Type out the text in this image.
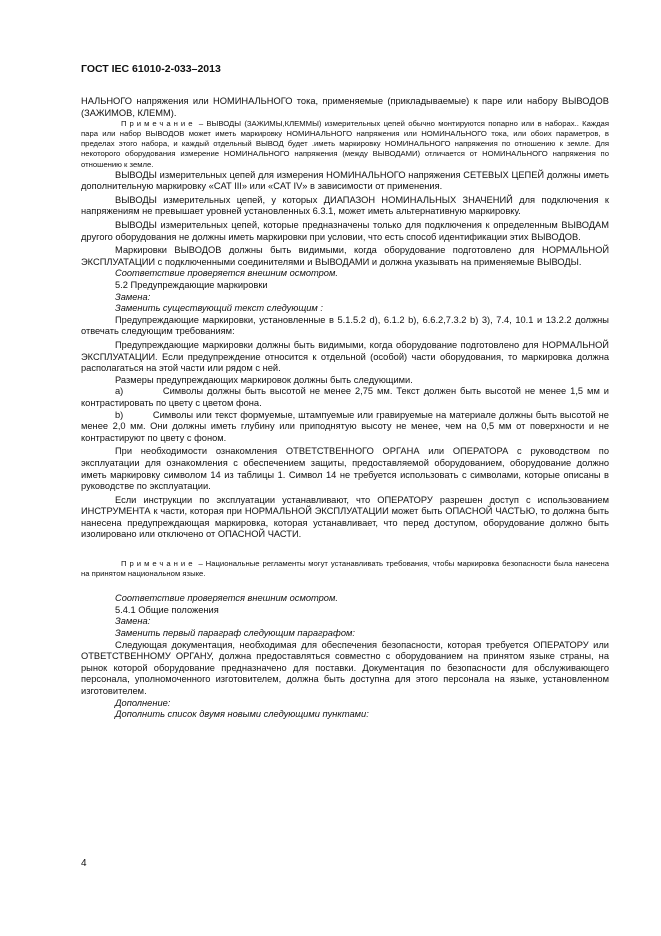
ГОСТ IEC 61010-2-033–2013

НАЛЬНОГО напряжения или НОМИНАЛЬНОГО тока, применяемые (прикладываемые) к паре или набору ВЫВОДОВ (ЗАЖИМОВ, КЛЕММ).

Примечание – ВЫВОДЫ (ЗАЖИМЫ,КЛЕММЫ) измерительных цепей обычно монтируются попарно или в наборах.. Каждая пара или набор ВЫВОДОВ может иметь маркировку НОМИНАЛЬНОГО напряжения или НОМИНАЛЬНОГО тока, или обоих параметров, в пределах этого набора, и каждый отдельный ВЫВОД будет .иметь маркировку НОМИНАЛЬНОГО напряжения по отношению к земле. Для некоторого оборудования измерение НОМИНАЛЬНОГО напряжения (между ВЫВОДАМИ) отличается от НОМИНАЛЬНОГО напряжения по отношению к земле.

ВЫВОДЫ измерительных цепей для измерения НОМИНАЛЬНОГО напряжения СЕТЕВЫХ ЦЕПЕЙ должны иметь дополнительную маркировку «CAT III» или «CAT IV» в зависимости от применения.

ВЫВОДЫ измерительных цепей, у которых ДИАПАЗОН НОМИНАЛЬНЫХ ЗНАЧЕНИЙ для подключения к напряжениям не превышает уровней установленных 6.3.1, может иметь альтернативную маркировку.

ВЫВОДЫ измерительных цепей, которые предназначены только для подключения к определенным ВЫВОДАМ другого оборудования не должны иметь маркировки при условии, что есть способ идентификации этих ВЫВОДОВ.

Маркировки ВЫВОДОВ должны быть видимыми, когда оборудование подготовлено для НОРМАЛЬНОЙ ЭКСПЛУАТАЦИИ с подключенными соединителями и ВЫВОДАМИ и должна указывать на применяемые ВЫВОДЫ.

Соответствие проверяется внешним осмотром.

5.2 Предупреждающие маркировки

Замена:

Заменить существующий текст следующим :

Предупреждающие маркировки, установленные в 5.1.5.2 d), 6.1.2 b), 6.6.2,7.3.2 b) 3), 7.4, 10.1 и 13.2.2 должны отвечать следующим требованиям:

Предупреждающие маркировки должны быть видимыми, когда оборудование подготовлено для НОРМАЛЬНОЙ ЭКСПЛУАТАЦИИ. Если предупреждение относится к отдельной (особой) части оборудования, то маркировка должна располагаться на этой части или рядом с ней.

Размеры предупреждающих маркировок должны быть следующими.

а)	Символы должны быть высотой не менее 2,75 мм. Текст должен быть высотой не менее 1,5 мм и контрастировать по цвету с цветом фона.

b)	Символы или текст формуемые, штампуемые или гравируемые на материале должны быть высотой не менее 2,0 мм. Они должны иметь глубину или приподнятую высоту не менее, чем на 0,5 мм от поверхности и не контрастируют по цвету с фоном.

При необходимости ознакомления ОТВЕТСТВЕННОГО ОРГАНА или ОПЕРАТОРА с руководством по эксплуатации для ознакомления с обеспечением защиты, предоставляемой оборудованием, оборудование должно иметь маркировку символом 14 из таблицы 1. Символ 14 не требуется использовать с символами, которые описаны в руководстве по эксплуатации.

Если инструкции по эксплуатации устанавливают, что ОПЕРАТОРУ разрешен доступ с использованием ИНСТРУМЕНТА к части, которая при НОРМАЛЬНОЙ ЭКСПЛУАТАЦИИ может быть ОПАСНОЙ ЧАСТЬЮ, то должна быть нанесена предупреждающая маркировка, которая устанавливает, что перед доступом, оборудование должно быть изолировано или отключено от ОПАСНОЙ ЧАСТИ.

Примечание – Национальные регламенты могут устанавливать требования, чтобы маркировка безопасности была нанесена на принятом национальном языке.

Соответствие проверяется внешним осмотром.

5.4.1 Общие положения

Замена:

Заменить первый параграф следующим параграфом:

Следующая документация, необходимая для обеспечения безопасности, которая требуется ОПЕРАТОРУ или ОТВЕТСТВЕННОМУ ОРГАНУ, должна предоставляться совместно с оборудованием на принятом языке страны, на рынок которой оборудование предназначено для поставки. Документация по безопасности для обслуживающего персонала, уполномоченного изготовителем, должна быть доступна для этого персонала на языке, установленном изготовителем.

Дополнение:

Дополнить список двумя новыми следующими пунктами:

4
